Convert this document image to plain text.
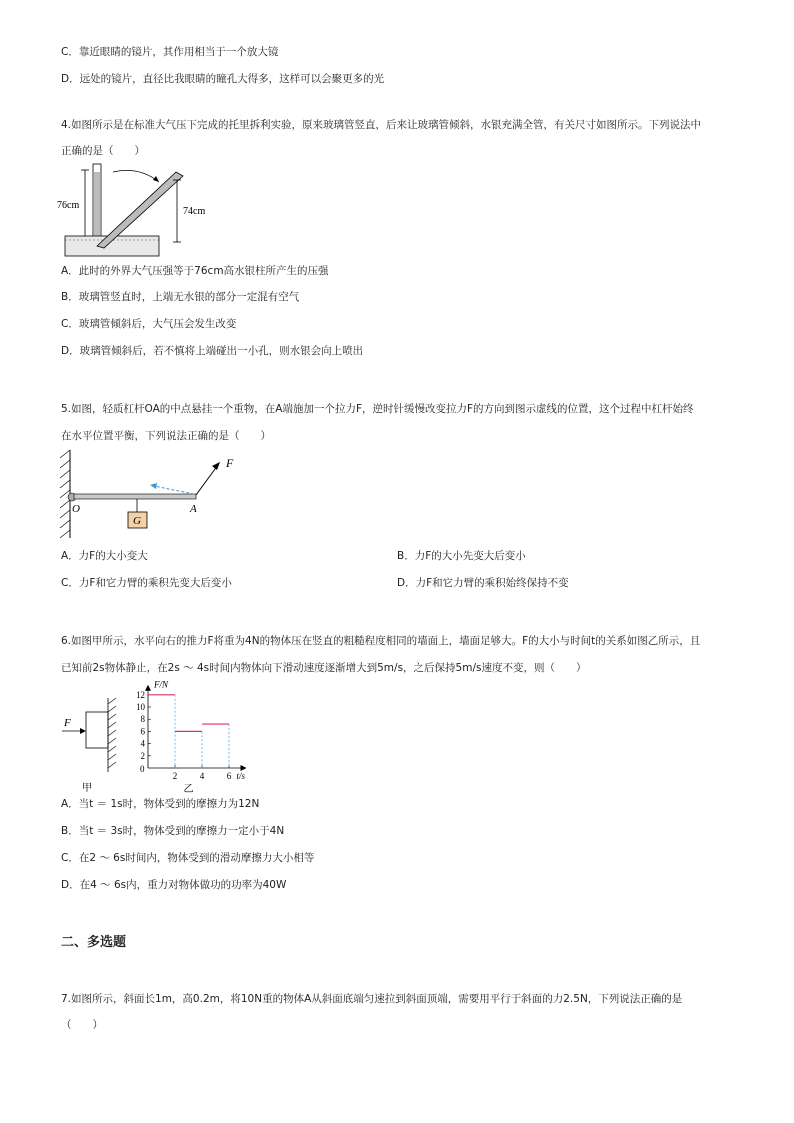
C．靠近眼睛的镜片，其作用相当于一个放大镜
D．远处的镜片，直径比我眼睛的瞳孔大得多，这样可以会聚更多的光
4.如图所示是在标准大气压下完成的托里拆利实验，原来玻璃管竖直，后来让玻璃管倾斜，水银充满全管，有关尺寸如图所示。下列说法中
正确的是（　　）
76cm
74cm
A．此时的外界大气压强等于76cm高水银柱所产生的压强
B．玻璃管竖直时，上端无水银的部分一定混有空气
C．玻璃管倾斜后，大气压会发生改变
D．玻璃管倾斜后，若不慎将上端碰出一小孔，则水银会向上喷出
5.如图，轻质杠杆OA的中点悬挂一个重物，在A端施加一个拉力F，逆时针缓慢改变拉力F的方向到图示虚线的位置，这个过程中杠杆始终
在水平位置平衡，下列说法正确的是（　　）
G
F
O	A
A．力F的大小变大	B．力F的大小先变大后变小
C．力F和它力臂的乘积先变大后变小	D．力F和它力臂的乘积始终保持不变
6.如图甲所示，水平向右的推力F将重为4N的物体压在竖直的粗糙程度相同的墙面上，墙面足够大。F的大小与时间t的关系如图乙所示，且
已知前2s物体静止，在2s ～ 4s时间内物体向下滑动速度逐渐增大到5m/s，之后保持5m/s速度不变，则（　　）
F
甲
F/N
t/s
0
2
4
6
8
10
12
2	4	6
乙
A．当t ＝ 1s时，物体受到的摩擦力为12N
B．当t ＝ 3s时，物体受到的摩擦力一定小于4N
C．在2 ～ 6s时间内，物体受到的滑动摩擦力大小相等
D．在4 ～ 6s内，重力对物体做功的功率为40W
二、多选题
7.如图所示，斜面长1m，高0.2m，将10N重的物体A从斜面底端匀速拉到斜面顶端，需要用平行于斜面的力2.5N，下列说法正确的是
（　　）
